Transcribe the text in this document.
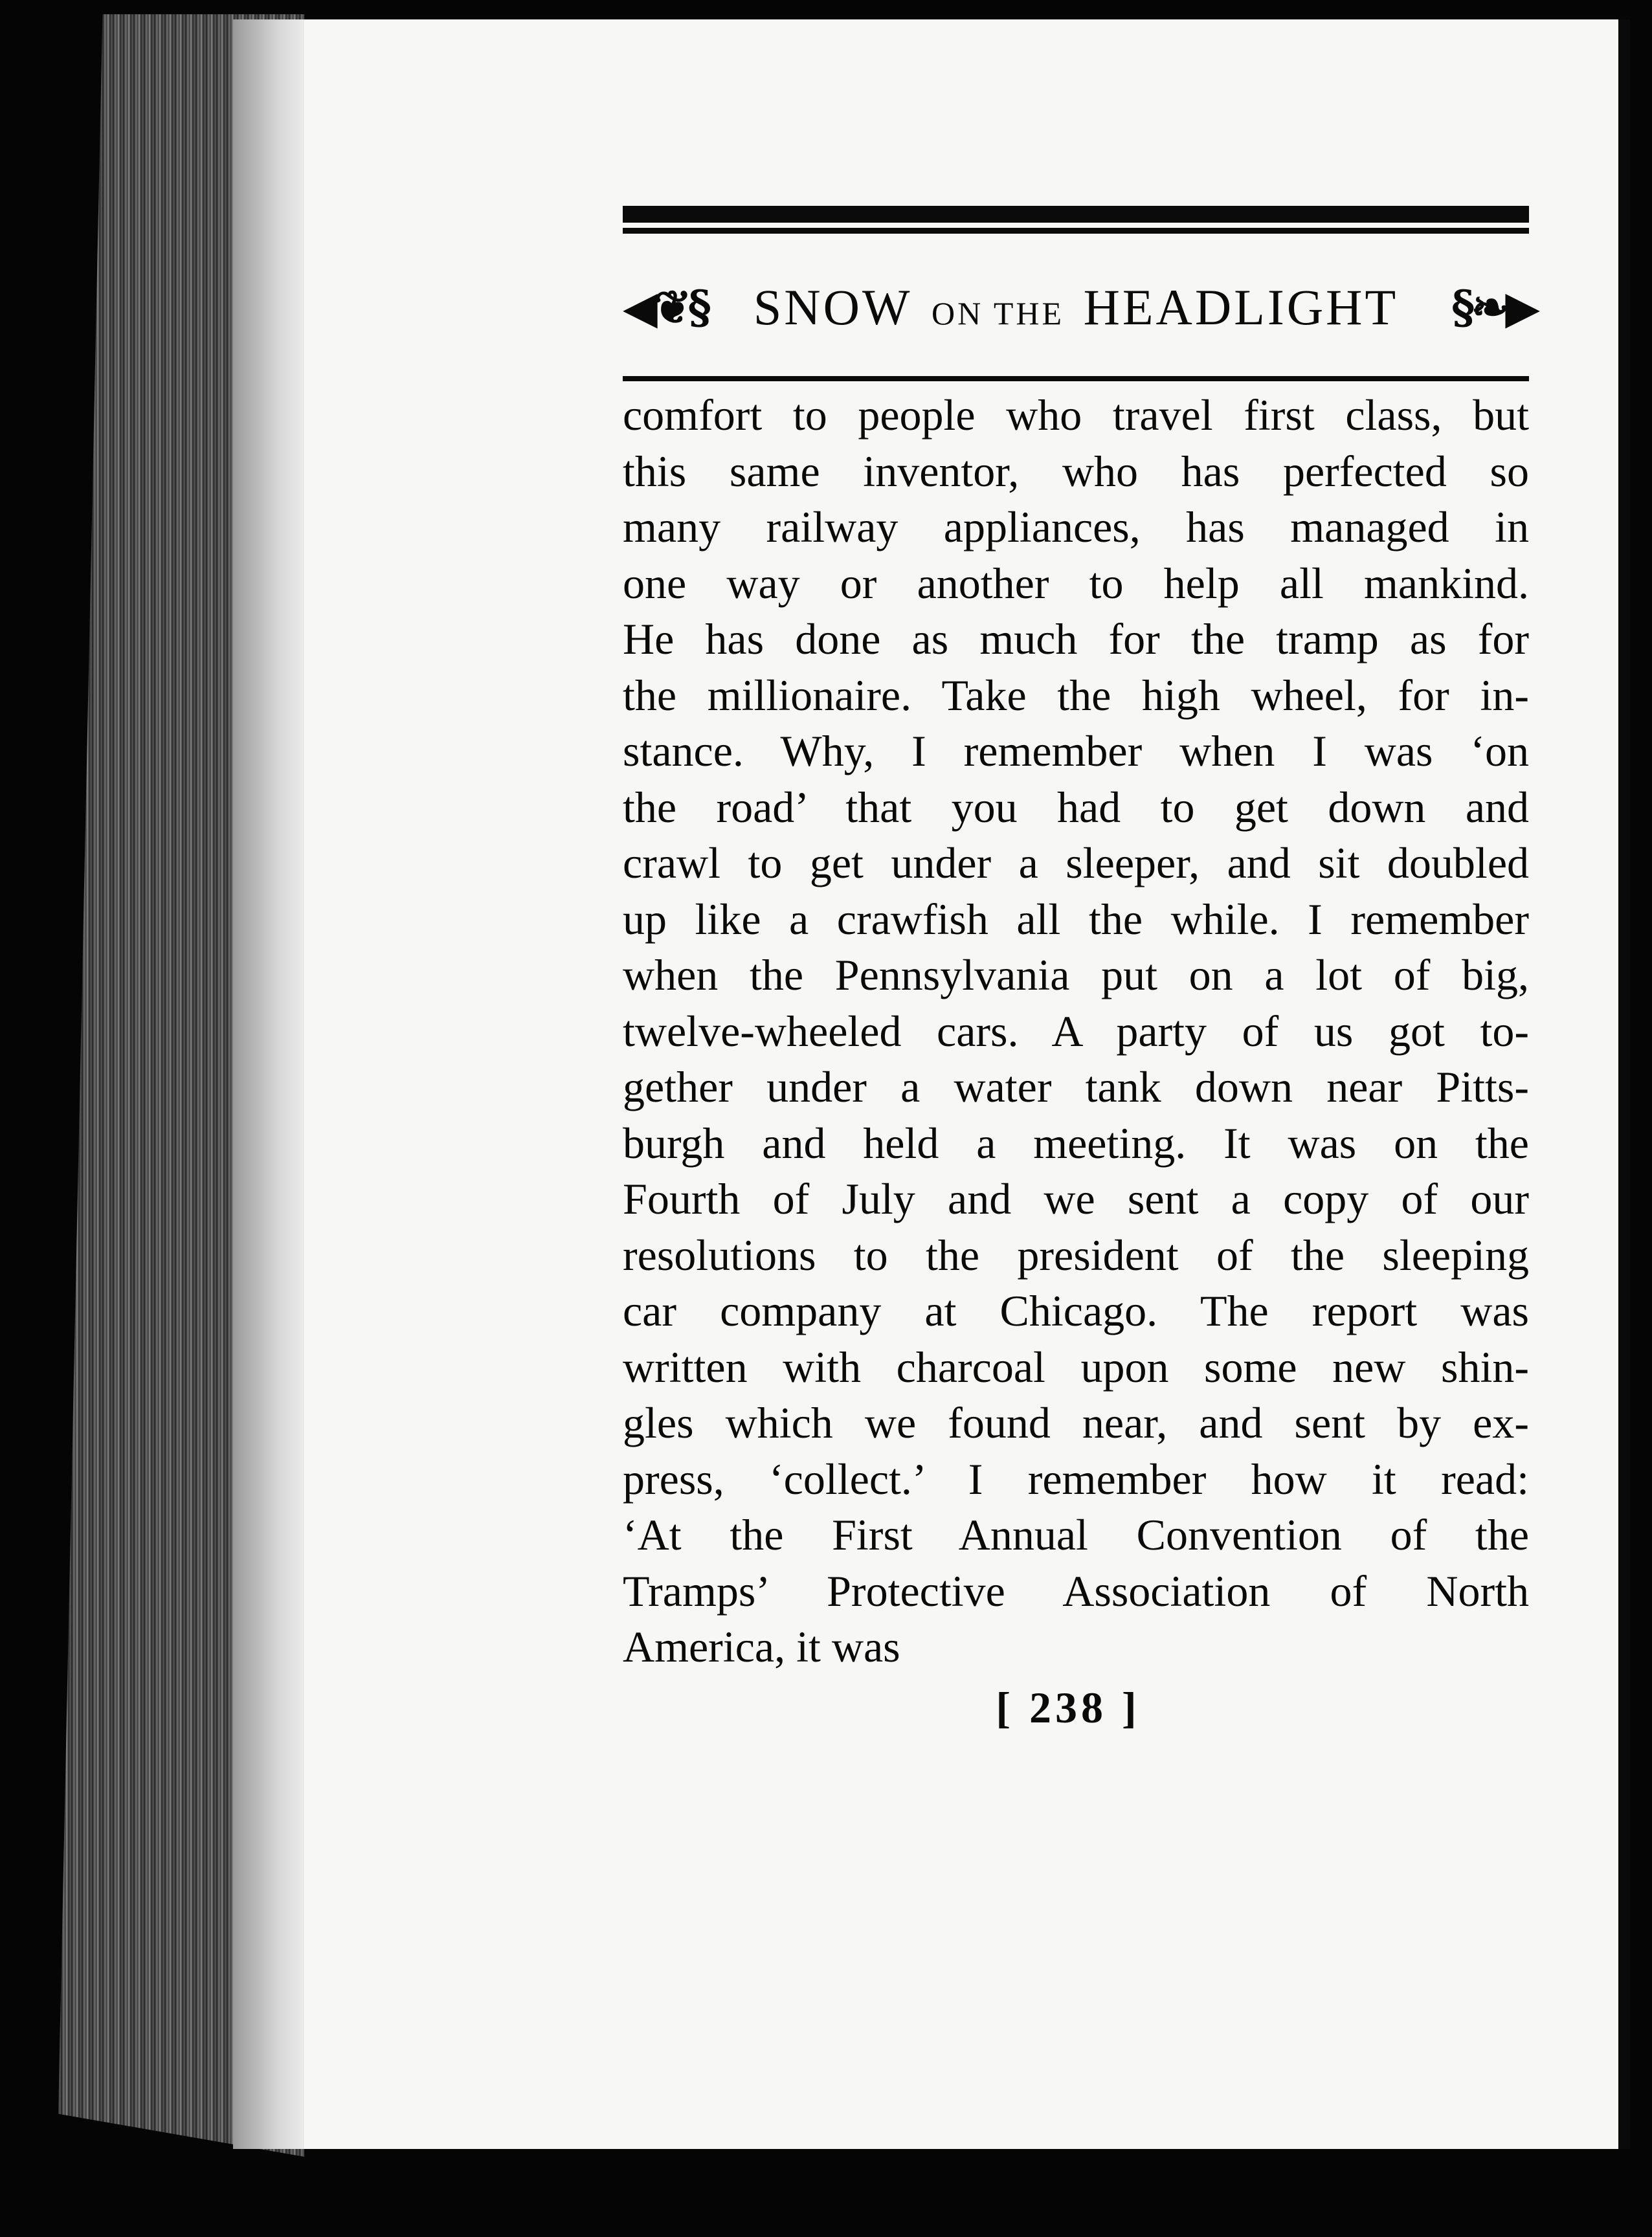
◀❦§ SNOW ON THE HEADLIGHT	§❧▶
comfort to people who travel first class, but
this same inventor, who has perfected so
many railway appliances, has managed in
one way or another to help all mankind.
He has done as much for the tramp as for
the millionaire. Take the high wheel, for in-
stance. Why, I remember when I was ‘on
the road’ that you had to get down and
crawl to get under a sleeper, and sit doubled
up like a crawfish all the while. I remember
when the Pennsylvania put on a lot of big,
twelve-wheeled cars. A party of us got to-
gether under a water tank down near Pitts-
burgh and held a meeting. It was on the
Fourth of July and we sent a copy of our
resolutions to the president of the sleeping
car company at Chicago. The report was
written with charcoal upon some new shin-
gles which we found near, and sent by ex-
press, ‘collect.’ I remember how it read:
‘At the First Annual Convention of the
Tramps’ Protective Association of North
America, it was
[ 238 ]
